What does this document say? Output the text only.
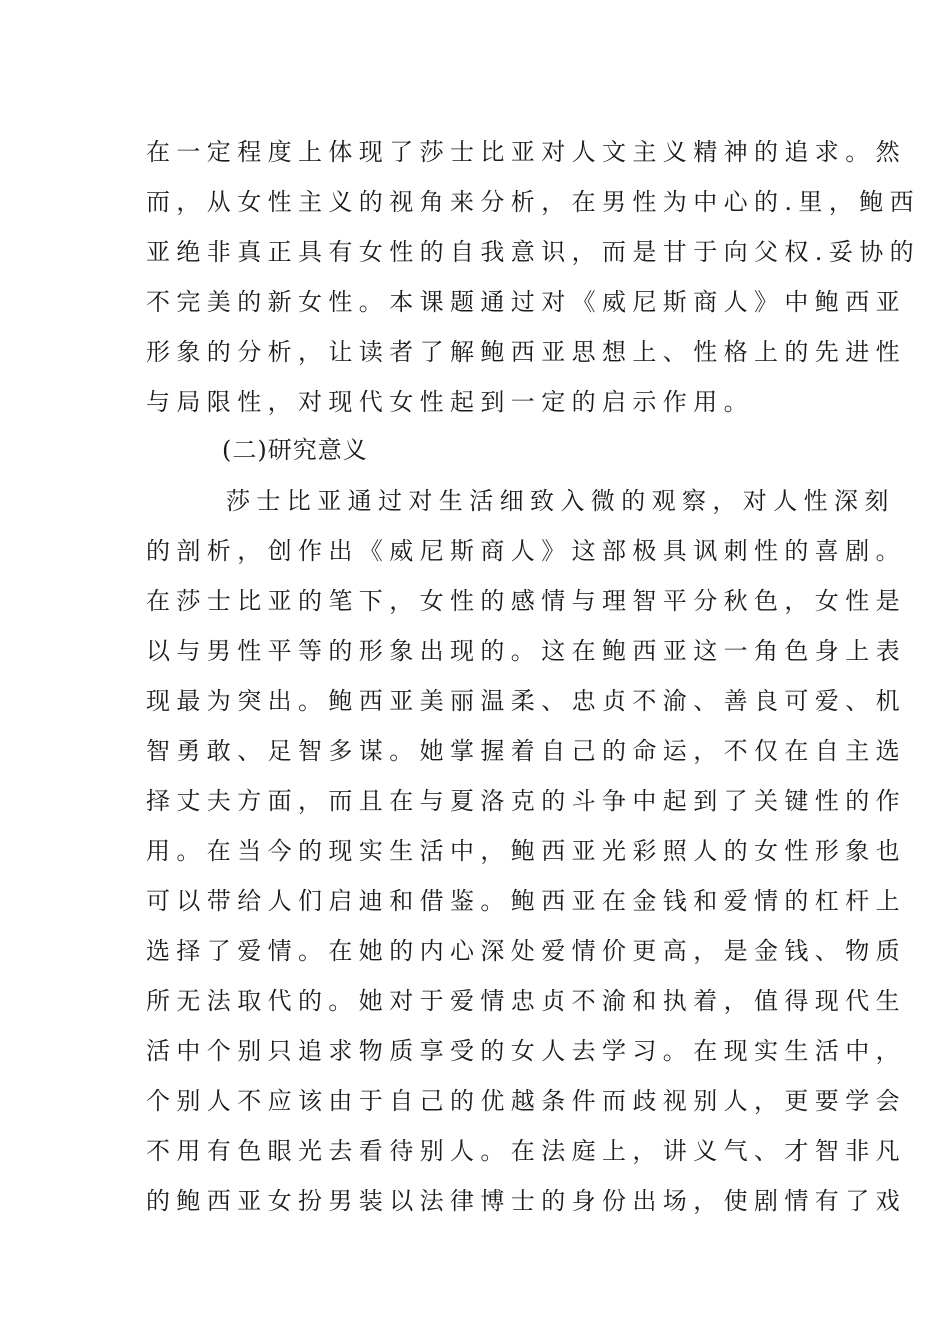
在一定程度上体现了莎士比亚对人文主义精神的追求。然
而，从女性主义的视角来分析，在男性为中心的.里，鲍西
亚绝非真正具有女性的自我意识，而是甘于向父权.妥协的
不完美的新女性。本课题通过对《威尼斯商人》中鲍西亚
形象的分析，让读者了解鲍西亚思想上、性格上的先进性
与局限性，对现代女性起到一定的启示作用。
(二)研究意义
莎士比亚通过对生活细致入微的观察，对人性深刻
的剖析，创作出《威尼斯商人》这部极具讽刺性的喜剧。
在莎士比亚的笔下，女性的感情与理智平分秋色，女性是
以与男性平等的形象出现的。这在鲍西亚这一角色身上表
现最为突出。鲍西亚美丽温柔、忠贞不渝、善良可爱、机
智勇敢、足智多谋。她掌握着自己的命运，不仅在自主选
择丈夫方面，而且在与夏洛克的斗争中起到了关键性的作
用。在当今的现实生活中，鲍西亚光彩照人的女性形象也
可以带给人们启迪和借鉴。鲍西亚在金钱和爱情的杠杆上
选择了爱情。在她的内心深处爱情价更高，是金钱、物质
所无法取代的。她对于爱情忠贞不渝和执着，值得现代生
活中个别只追求物质享受的女人去学习。在现实生活中，
个别人不应该由于自己的优越条件而歧视别人，更要学会
不用有色眼光去看待别人。在法庭上，讲义气、才智非凡
的鲍西亚女扮男装以法律博士的身份出场，使剧情有了戏
